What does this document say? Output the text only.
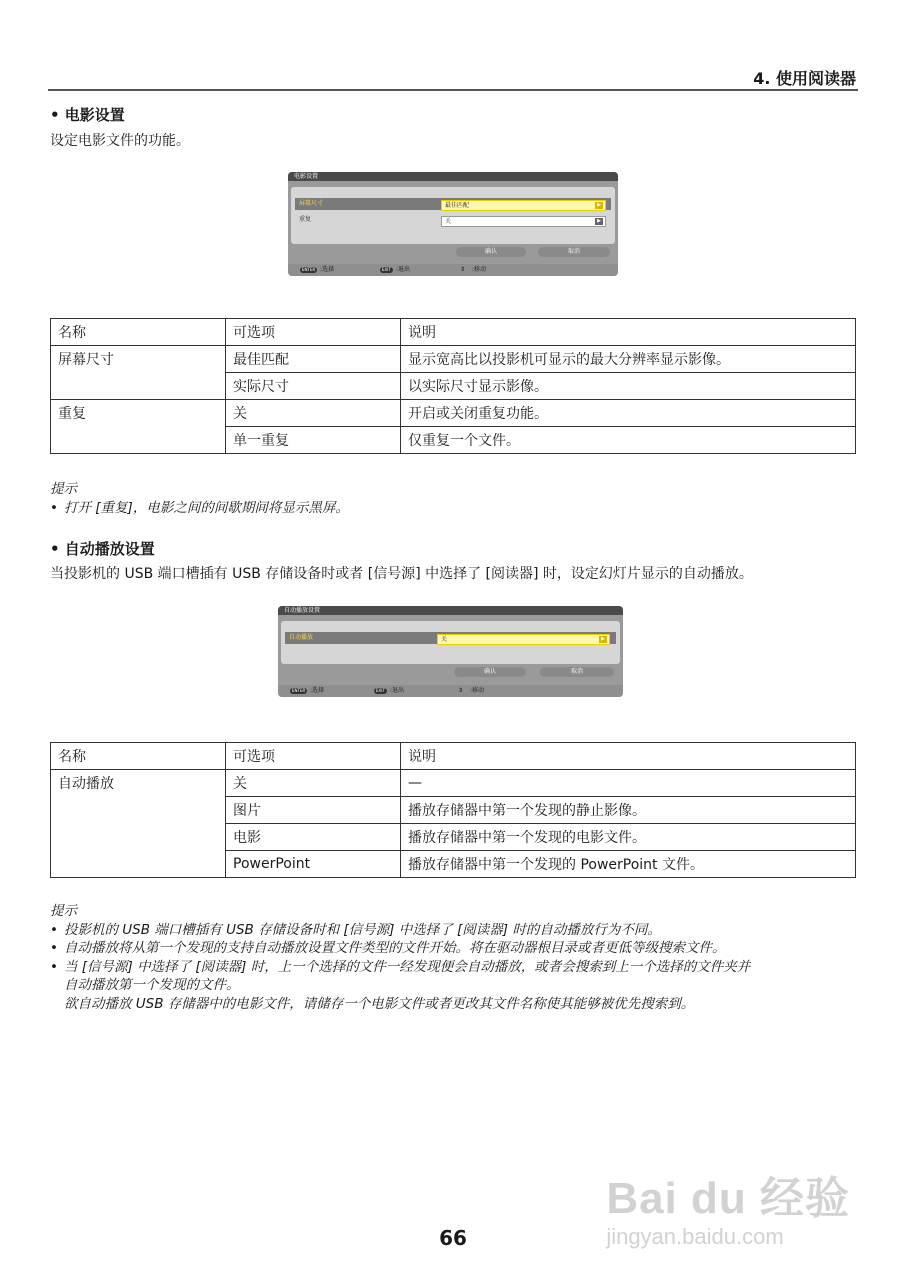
4. 使用阅读器
• 电影设置
设定电影文件的功能。
电影设置
屏幕尺寸	最佳匹配	▶
重复	关	▶
确认	取消
ENTER :选择	EXIT :退出	⇕ :移动
名称	可选项	说明
屏幕尺寸	最佳匹配	显示宽高比以投影机可显示的最大分辨率显示影像。
	实际尺寸	以实际尺寸显示影像。
重复	关	开启或关闭重复功能。
	单一重复	仅重复一个文件。
提示
• 打开 [重复]，电影之间的间歇期间将显示黑屏。
• 自动播放设置
当投影机的 USB 端口槽插有 USB 存储设备时或者 [信号源] 中选择了 [阅读器] 时，设定幻灯片显示的自动播放。
自动播放设置
自动播放	关	▶
确认	取消
ENTER :选择	EXIT :退出	⇕ :移动
名称	可选项	说明
自动播放	关	—
	图片	播放存储器中第一个发现的静止影像。
	电影	播放存储器中第一个发现的电影文件。
	PowerPoint	播放存储器中第一个发现的 PowerPoint 文件。
提示
• 投影机的 USB 端口槽插有 USB 存储设备时和 [信号源] 中选择了 [阅读器] 时的自动播放行为不同。
• 自动播放将从第一个发现的支持自动播放设置文件类型的文件开始。将在驱动器根目录或者更低等级搜索文件。
• 当 [信号源] 中选择了 [阅读器] 时，上一个选择的文件一经发现便会自动播放，或者会搜索到上一个选择的文件夹并
自动播放第一个发现的文件。
欲自动播放 USB 存储器中的电影文件，请储存一个电影文件或者更改其文件名称使其能够被优先搜索到。
66
Bai du 经验
jingyan.baidu.com
